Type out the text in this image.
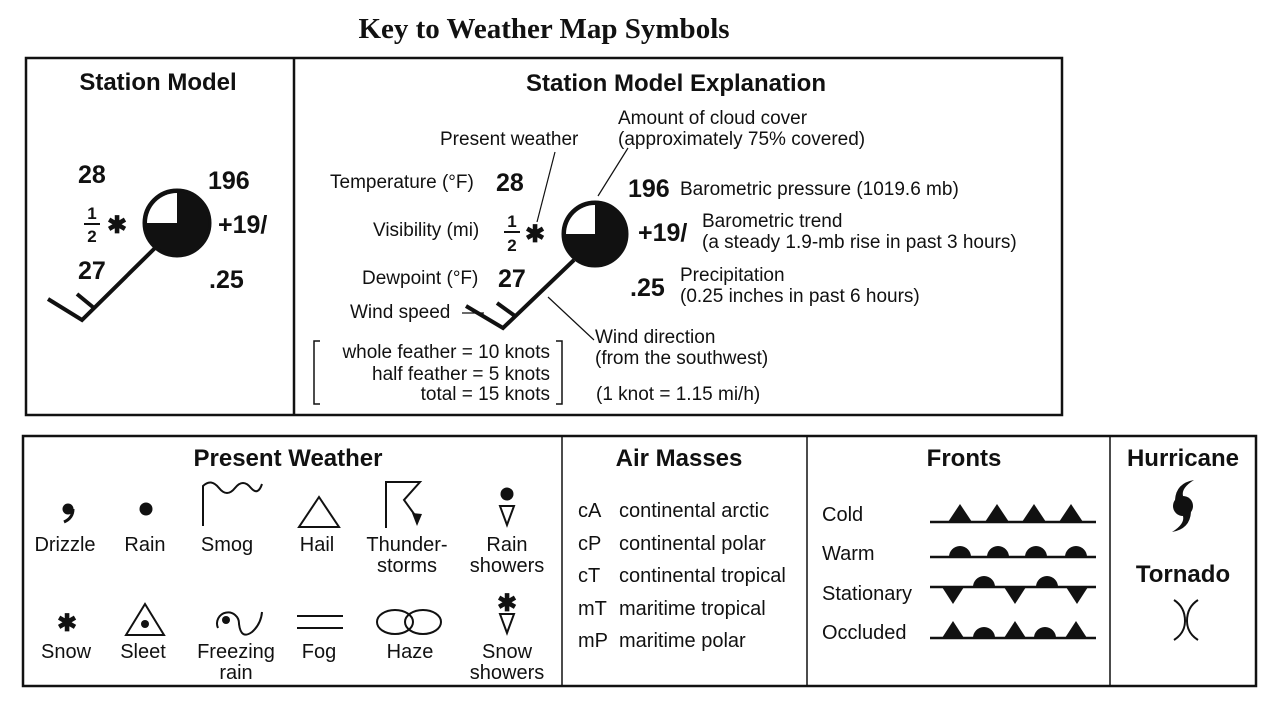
Key to Weather Map Symbols
Station Model
28	196
1
2 ✱	+19/
27	.25
Station Model Explanation
Present weather
Amount of cloud cover
(approximately 75% covered)
Temperature (°F) 28	196 Barometric pressure (1019.6 mb)
Visibility (mi) 1
2 ✱	+19/ Barometric trend
(a steady 1.9-mb rise in past 3 hours)
Dewpoint (°F) 27	.25 Precipitation
(0.25 inches in past 6 hours)
Wind speed
Wind direction
(from the southwest)
whole feather = 10 knots
half feather = 5 knots
total = 15 knots (1 knot = 1.15 mi/h)
Present Weather
Drizzle Rain Smog Hail Thunder-
storms
Rain
showers
✱
Snow Sleet Freezing
rain
Fog	Haze
✱
Snow
showers
Air Masses
cA continental arctic
cP continental polar
cT continental tropical
mT maritime tropical
mP maritime polar
Fronts
Cold
Warm
Stationary
Occluded
Hurricane
Tornado
